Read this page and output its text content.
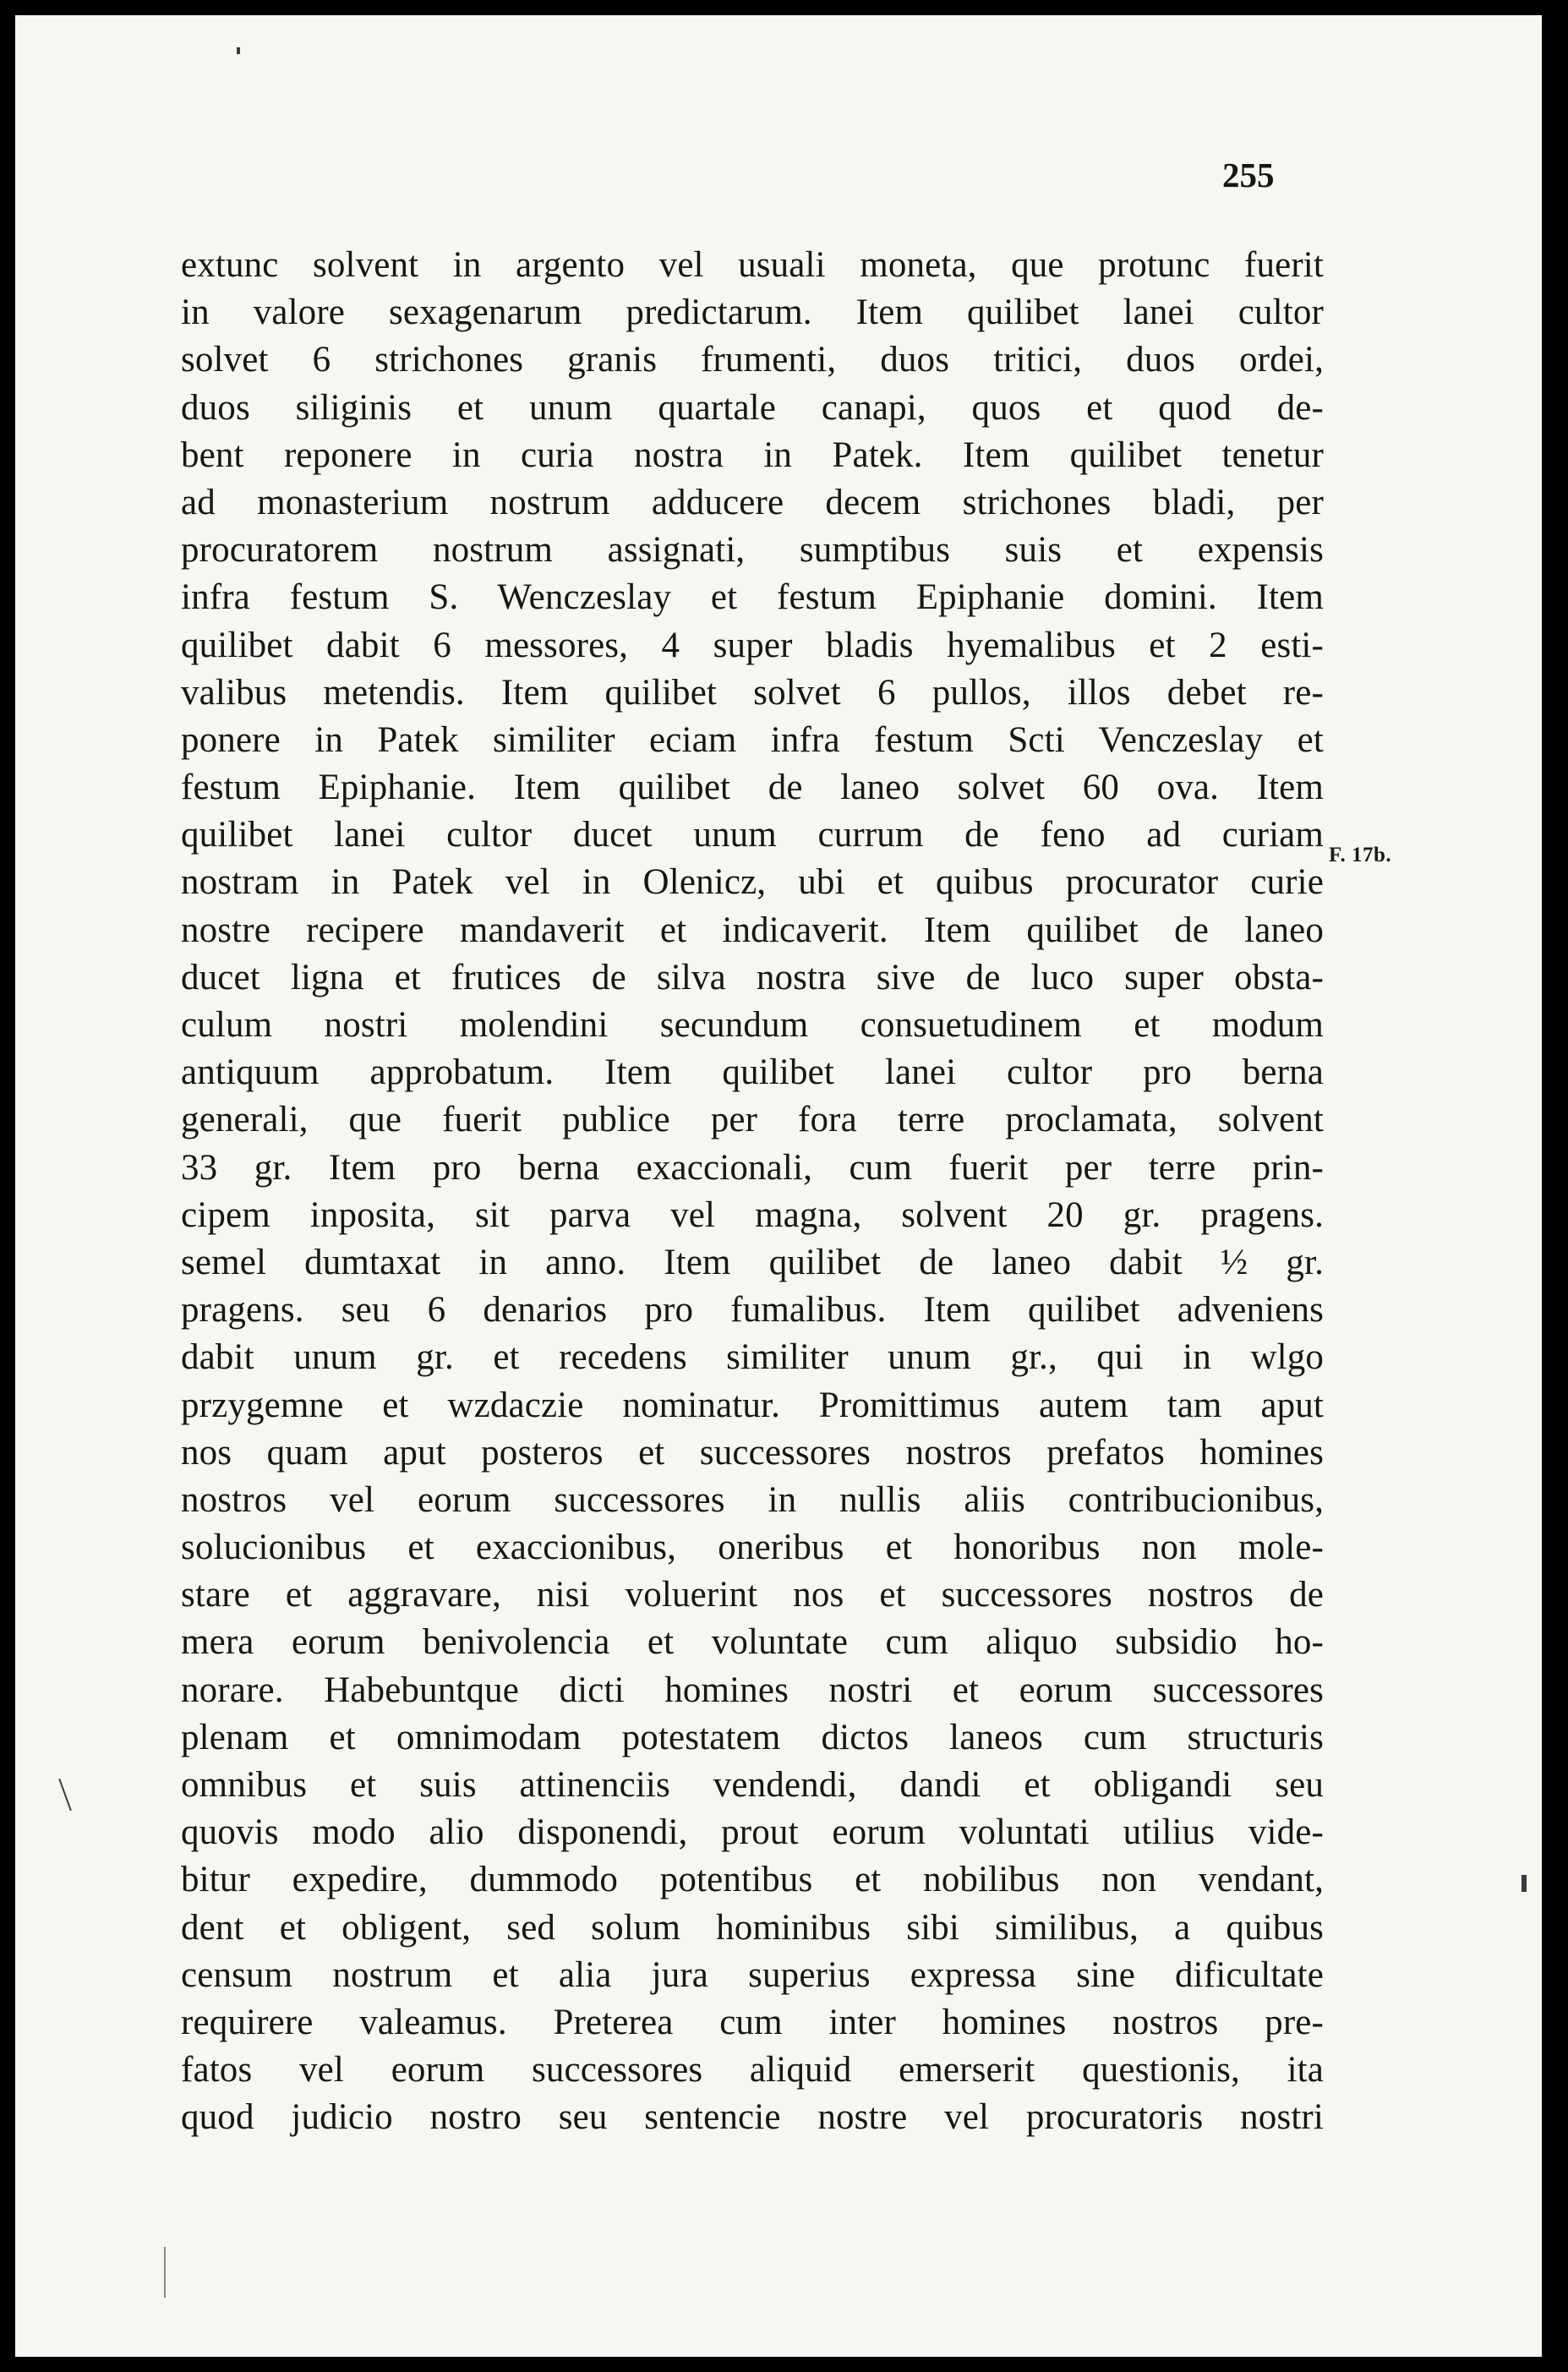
255
F. 17b.
extunc solvent in argento vel usuali moneta, que protunc fuerit
in valore sexagenarum predictarum. Item quilibet lanei cultor
solvet 6 strichones granis frumenti, duos tritici, duos ordei,
duos siliginis et unum quartale canapi, quos et quod de-
bent reponere in curia nostra in Patek. Item quilibet tenetur
ad monasterium nostrum adducere decem strichones bladi, per
procuratorem nostrum assignati, sumptibus suis et expensis
infra festum S. Wenczeslay et festum Epiphanie domini. Item
quilibet dabit 6 messores, 4 super bladis hyemalibus et 2 esti-
valibus metendis. Item quilibet solvet 6 pullos, illos debet re-
ponere in Patek similiter eciam infra festum Scti Venczeslay et
festum Epiphanie. Item quilibet de laneo solvet 60 ova. Item
quilibet lanei cultor ducet unum currum de feno ad curiam
nostram in Patek vel in Olenicz, ubi et quibus procurator curie
nostre recipere mandaverit et indicaverit. Item quilibet de laneo
ducet ligna et frutices de silva nostra sive de luco super obsta-
culum nostri molendini secundum consuetudinem et modum
antiquum approbatum. Item quilibet lanei cultor pro berna
generali, que fuerit publice per fora terre proclamata, solvent
33 gr. Item pro berna exaccionali, cum fuerit per terre prin-
cipem inposita, sit parva vel magna, solvent 20 gr. pragens.
semel dumtaxat in anno. Item quilibet de laneo dabit ½ gr.
pragens. seu 6 denarios pro fumalibus. Item quilibet adveniens
dabit unum gr. et recedens similiter unum gr., qui in wlgo
przygemne et wzdaczie nominatur. Promittimus autem tam aput
nos quam aput posteros et successores nostros prefatos homines
nostros vel eorum successores in nullis aliis contribucionibus,
solucionibus et exaccionibus, oneribus et honoribus non mole-
stare et aggravare, nisi voluerint nos et successores nostros de
mera eorum benivolencia et voluntate cum aliquo subsidio ho-
norare. Habebuntque dicti homines nostri et eorum successores
plenam et omnimodam potestatem dictos laneos cum structuris
omnibus et suis attinenciis vendendi, dandi et obligandi seu
quovis modo alio disponendi, prout eorum voluntati utilius vide-
bitur expedire, dummodo potentibus et nobilibus non vendant,
dent et obligent, sed solum hominibus sibi similibus, a quibus
censum nostrum et alia jura superius expressa sine dificultate
requirere valeamus. Preterea cum inter homines nostros pre-
fatos vel eorum successores aliquid emerserit questionis, ita
quod judicio nostro seu sentencie nostre vel procuratoris nostri
